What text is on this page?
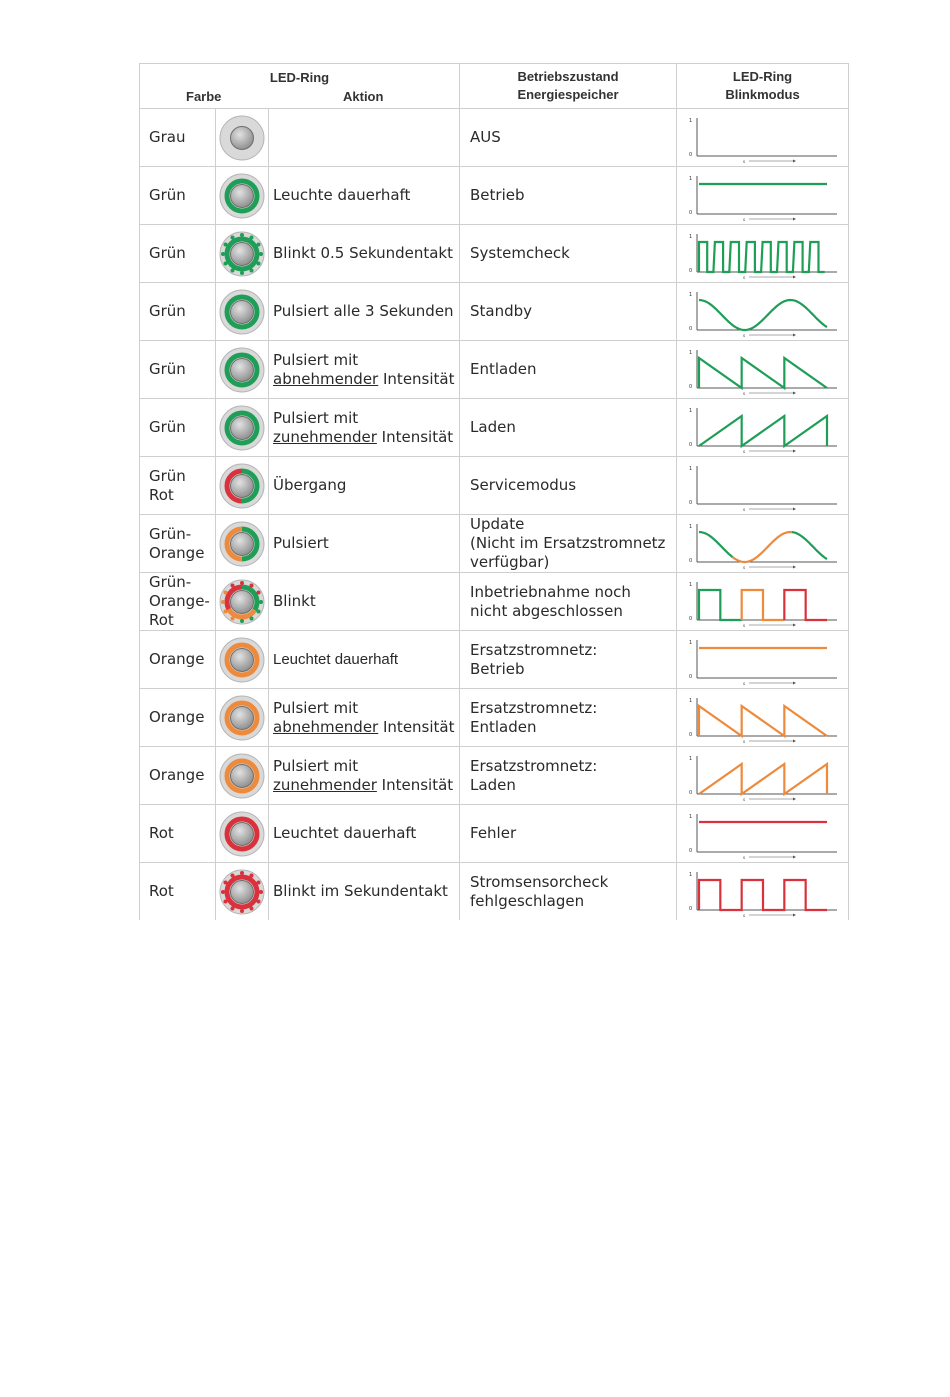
LED-Ring
Farbe Aktion			Betriebszustand
Energiespeicher	LED-Ring
Blinkmodus

Grau			AUS	1
0
s

Grün		Leuchte dauerhaft	Betrieb	1
0
s

Grün		Blinkt 0.5 Sekundentakt	Systemcheck	1
0
s

Grün		Pulsiert alle 3 Sekunden	Standby	1
0
s

Grün		Pulsiert mit
abnehmender Intensität	Entladen	1
0
s

Grün		Pulsiert mit
zunehmender Intensität	Laden	1
0
s

Grün
Rot		Übergang	Servicemodus	1
0
s

Grün-
Orange		Pulsiert	Update
(Nicht im Ersatzstromnetz
verfügbar)	1
0
s

Grün-
Orange-
Rot		Blinkt	Inbetriebnahme noch
nicht abgeschlossen	1
0
s

Orange		Leuchtet dauerhaft	Ersatzstromnetz:
Betrieb	1
0
s

Orange		Pulsiert mit
abnehmender Intensität	Ersatzstromnetz:
Entladen	1
0
s

Orange		Pulsiert mit
zunehmender Intensität	Ersatzstromnetz:
Laden	1
0
s

Rot		Leuchtet dauerhaft	Fehler	1
0
s

Rot		Blinkt im Sekundentakt	Stromsensorcheck
fehlgeschlagen	1
0
s
